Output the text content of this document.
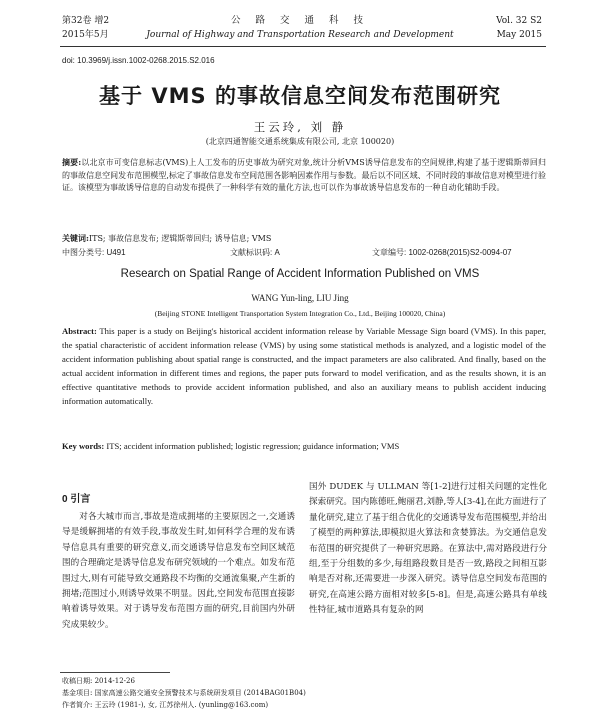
第32卷 增2
2015年5月
公 路 交 通 科 技
Journal of Highway and Transportation Research and Development
Vol. 32 S2
May 2015
doi: 10.3969/j.issn.1002-0268.2015.S2.016
基于 VMS 的事故信息空间发布范围研究
王云玲, 刘 静
(北京四通智能交通系统集成有限公司, 北京 100020)
摘要:以北京市可变信息标志(VMS)上人工发布的历史事故为研究对象,统计分析VMS诱导信息发布的空间规律,构建了基于逻辑斯蒂回归的事故信息空间发布范围模型,标定了事故信息发布空间范围各影响因素作用与参数。最后以不同区域、不同时段的事故信息对模型进行验证。该模型为事故诱导信息的自动发布提供了一种科学有效的量化方法,也可以作为事故诱导信息发布的一种自动化辅助手段。
关键词:ITS; 事故信息发布; 逻辑斯蒂回归; 诱导信息; VMS
中图分类号: U491	文献标识码: A	文章编号: 1002-0268(2015)S2-0094-07
Research on Spatial Range of Accident Information Published on VMS
WANG Yun-ling, LIU Jing
(Beijing STONE Intelligent Transportation System Integration Co., Ltd., Beijing 100020, China)
Abstract: This paper is a study on Beijing's historical accident information release by Variable Message Sign board (VMS). In this paper, the spatial characteristic of accident information release (VMS) by using some statistical methods is analyzed, and a logistic model of the accident information publishing about spatial range is constructed, and the impact parameters are also calibrated. And finally, based on the actual accident information in different times and regions, the paper puts forward to model verification, and as the results shown, it is an effective quantitative methods to provide accident information published, and also an auxiliary means to publish accident inducing information automatically.
Key words: ITS; accident information published; logistic regression; guidance information; VMS
0 引言
对各大城市而言,事故是造成拥堵的主要原因之一,交通诱导是缓解拥堵的有效手段,事故发生时,如何科学合理的发布诱导信息具有重要的研究意义,而交通诱导信息发布空间区域范围的合理确定是诱导信息发布研究领域的一个难点。如发布范围过大,则有可能导致交通路段不均衡的交通流集聚,产生新的拥堵;范围过小,则诱导效果不明显。因此,空间发布范围直接影响着诱导效果。对于诱导发布范围方面的研究,目前国内外研究成果较少。
国外 DUDEK 与 ULLMAN 等[1-2]进行过相关问题的定性化探索研究。国内陈德旺,鲍丽君,刘静,等人[3-4],在此方面进行了量化研究,建立了基于组合优化的交通诱导发布范围模型,并给出了模型的两种算法,即模拟退火算法和贪婪算法。为交通信息发布范围的研究提供了一种研究思路。在算法中,需对路段进行分组,至于分组数的多少,每组路段数目是否一致,路段之间相互影响是否对称,还需要进一步深入研究。诱导信息空间发布范围的研究,在高速公路方面相对较多[5-8]。但是,高速公路具有单线性特征,城市道路具有复杂的网
收稿日期: 2014-12-26
基金项目: 国家高速公路交通安全预警技术与系统研发项目 (2014BAG01B04)
作者简介: 王云玲 (1981-), 女, 江苏徐州人. (yunling@163.com)
